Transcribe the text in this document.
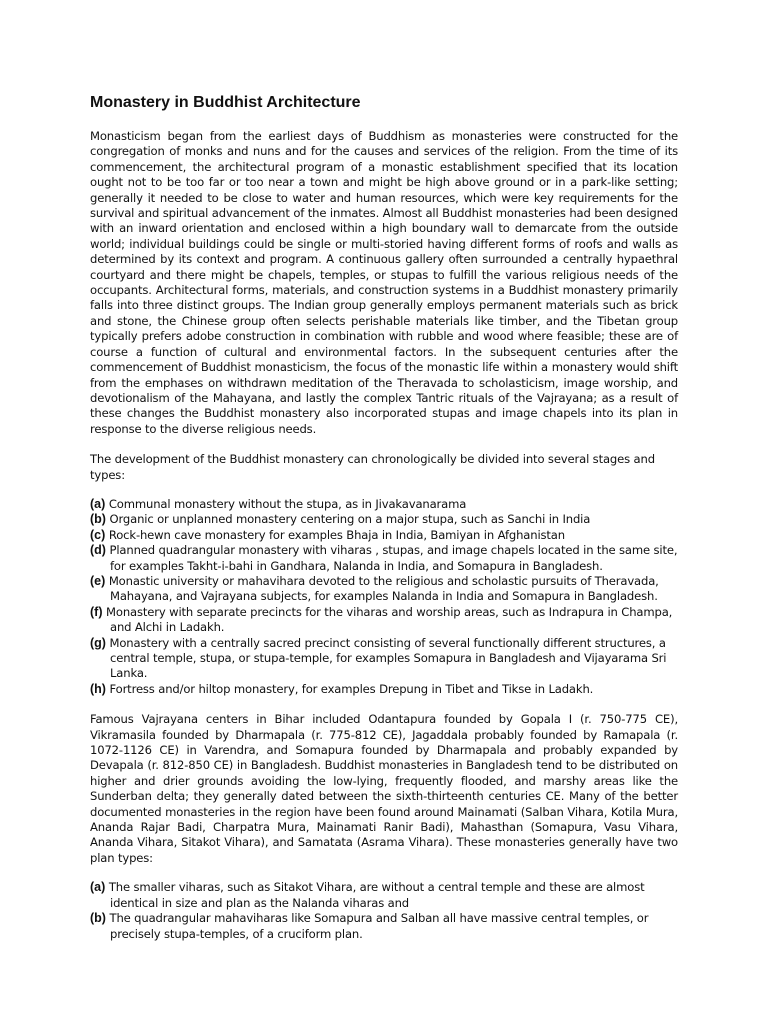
Monastery in Buddhist Architecture

Monasticism began from the earliest days of Buddhism as monasteries were constructed for the congregation of monks and nuns and for the causes and services of the religion. From the time of its commencement, the architectural program of a monastic establishment specified that its location ought not to be too far or too near a town and might be high above ground or in a park-like setting; generally it needed to be close to water and human resources, which were key requirements for the survival and spiritual advancement of the inmates. Almost all Buddhist monasteries had been designed with an inward orientation and enclosed within a high boundary wall to demarcate from the outside world; individual buildings could be single or multi-storied having different forms of roofs and walls as determined by its context and program. A continuous gallery often surrounded a centrally hypaethral courtyard and there might be chapels, temples, or stupas to fulfill the various religious needs of the occupants. Architectural forms, materials, and construction systems in a Buddhist monastery primarily falls into three distinct groups. The Indian group generally employs permanent materials such as brick and stone, the Chinese group often selects perishable materials like timber, and the Tibetan group typically prefers adobe construction in combination with rubble and wood where feasible; these are of course a function of cultural and environmental factors. In the subsequent centuries after the commencement of Buddhist monasticism, the focus of the monastic life within a monastery would shift from the emphases on withdrawn meditation of the Theravada to scholasticism, image worship, and devotionalism of the Mahayana, and lastly the complex Tantric rituals of the Vajrayana; as a result of these changes the Buddhist monastery also incorporated stupas and image chapels into its plan in response to the diverse religious needs.

The development of the Buddhist monastery can chronologically be divided into several stages and types:

(a) Communal monastery without the stupa, as in Jivakavanarama
(b) Organic or unplanned monastery centering on a major stupa, such as Sanchi in India
(c) Rock-hewn cave monastery for examples Bhaja in India, Bamiyan in Afghanistan
(d) Planned quadrangular monastery with viharas , stupas, and image chapels located in the same site, for examples Takht-i-bahi in Gandhara, Nalanda in India, and Somapura in Bangladesh.
(e) Monastic university or mahavihara devoted to the religious and scholastic pursuits of Theravada, Mahayana, and Vajrayana subjects, for examples Nalanda in India and Somapura in Bangladesh.
(f) Monastery with separate precincts for the viharas and worship areas, such as Indrapura in Champa, and Alchi in Ladakh.
(g) Monastery with a centrally sacred precinct consisting of several functionally different structures, a central temple, stupa, or stupa-temple, for examples Somapura in Bangladesh and Vijayarama Sri Lanka.
(h) Fortress and/or hiltop monastery, for examples Drepung in Tibet and Tikse in Ladakh.

Famous Vajrayana centers in Bihar included Odantapura founded by Gopala I (r. 750-775 CE), Vikramasila founded by Dharmapala (r. 775-812 CE), Jagaddala probably founded by Ramapala (r. 1072-1126 CE) in Varendra, and Somapura founded by Dharmapala and probably expanded by Devapala (r. 812-850 CE) in Bangladesh. Buddhist monasteries in Bangladesh tend to be distributed on higher and drier grounds avoiding the low-lying, frequently flooded, and marshy areas like the Sunderban delta; they generally dated between the sixth-thirteenth centuries CE. Many of the better documented monasteries in the region have been found around Mainamati (Salban Vihara, Kotila Mura, Ananda Rajar Badi, Charpatra Mura, Mainamati Ranir Badi), Mahasthan (Somapura, Vasu Vihara, Ananda Vihara, Sitakot Vihara), and Samatata (Asrama Vihara). These monasteries generally have two plan types:

(a) The smaller viharas, such as Sitakot Vihara, are without a central temple and these are almost identical in size and plan as the Nalanda viharas and
(b) The quadrangular mahaviharas like Somapura and Salban all have massive central temples, or precisely stupa-temples, of a cruciform plan.
